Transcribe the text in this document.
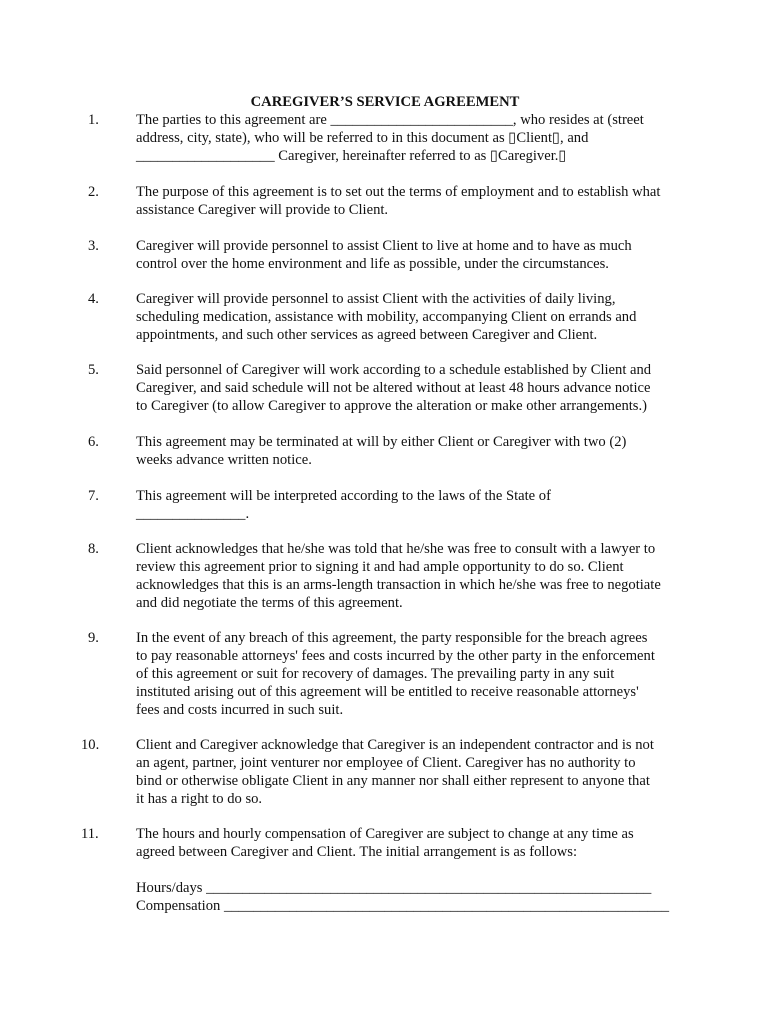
CAREGIVER’S SERVICE AGREEMENT
1.	The parties to this agreement are _________________________, who resides at (street
address, city, state), who will be referred to in this document as ▯Client▯, and
___________________ Caregiver, hereinafter referred to as ▯Caregiver.▯
2.	The purpose of this agreement is to set out the terms of employment and to establish what
assistance Caregiver will provide to Client.
3.	Caregiver will provide personnel to assist Client to live at home and to have as much
control over the home environment and life as possible, under the circumstances.
4.	Caregiver will provide personnel to assist Client with the activities of daily living,
scheduling medication, assistance with mobility, accompanying Client on errands and
appointments, and such other services as agreed between Caregiver and Client.
5.	Said personnel of Caregiver will work according to a schedule established by Client and
Caregiver, and said schedule will not be altered without at least 48 hours advance notice
to Caregiver (to allow Caregiver to approve the alteration or make other arrangements.)
6.	This agreement may be terminated at will by either Client or Caregiver with two (2)
weeks advance written notice.
7.	This agreement will be interpreted according to the laws of the State of
_______________.
8.	Client acknowledges that he/she was told that he/she was free to consult with a lawyer to
review this agreement prior to signing it and had ample opportunity to do so. Client
acknowledges that this is an arms-length transaction in which he/she was free to negotiate
and did negotiate the terms of this agreement.
9.	In the event of any breach of this agreement, the party responsible for the breach agrees
to pay reasonable attorneys' fees and costs incurred by the other party in the enforcement
of this agreement or suit for recovery of damages. The prevailing party in any suit
instituted arising out of this agreement will be entitled to receive reasonable attorneys'
fees and costs incurred in such suit.
10.	Client and Caregiver acknowledge that Caregiver is an independent contractor and is not
an agent, partner, joint venturer nor employee of Client. Caregiver has no authority to
bind or otherwise obligate Client in any manner nor shall either represent to anyone that
it has a right to do so.
11.	The hours and hourly compensation of Caregiver are subject to change at any time as
agreed between Caregiver and Client. The initial arrangement is as follows:
Hours/days _____________________________________________________________
Compensation _____________________________________________________________
